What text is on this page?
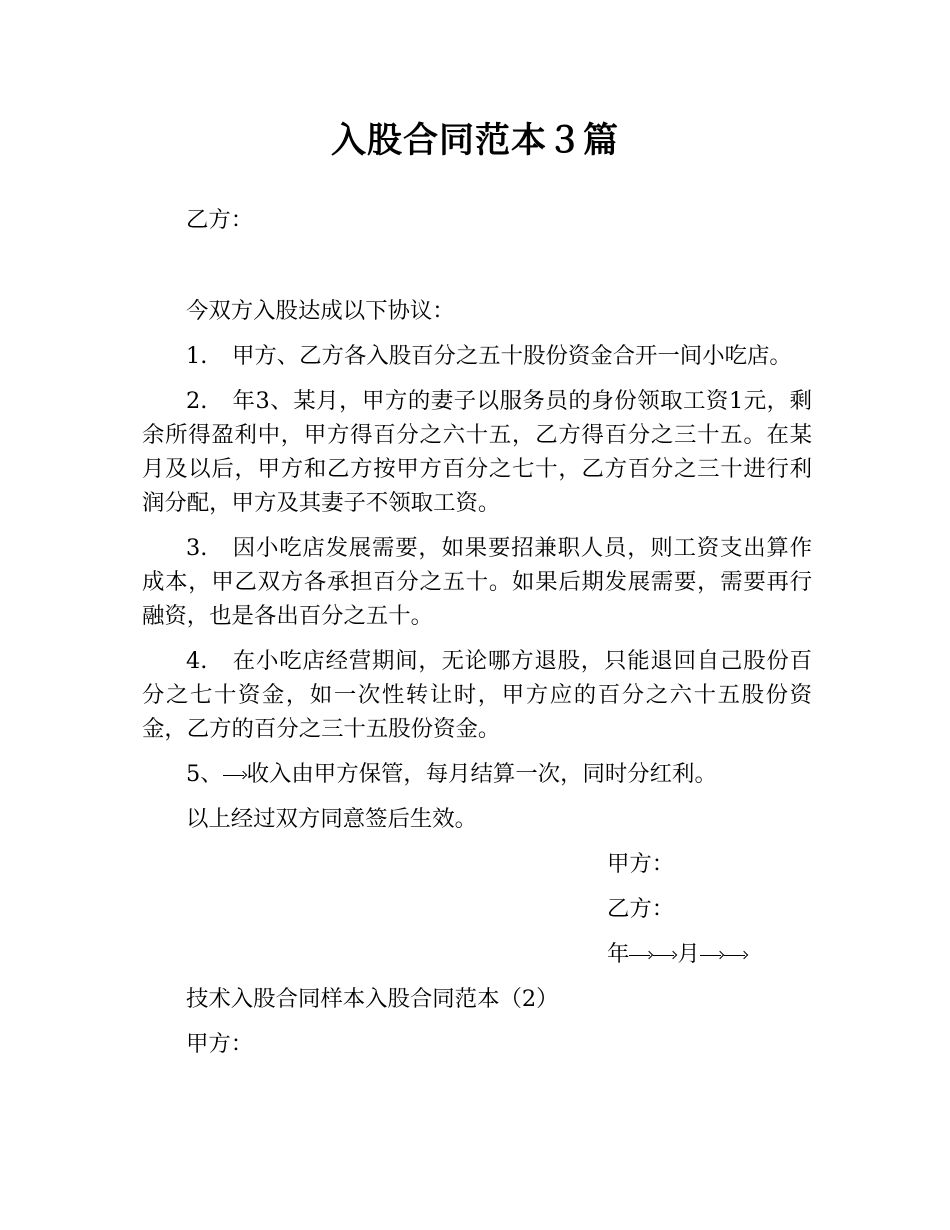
入股合同范本３篇

乙方：

今双方入股达成以下协议：

1. 甲方、乙方各入股百分之五十股份资金合开一间小吃店。

2. 年3、某月，甲方的妻子以服务员的身份领取工资1元，剩余所得盈利中，甲方得百分之六十五，乙方得百分之三十五。在某月及以后，甲方和乙方按甲方百分之七十，乙方百分之三十进行利润分配，甲方及其妻子不领取工资。

3. 因小吃店发展需要，如果要招兼职人员，则工资支出算作成本，甲乙双方各承担百分之五十。如果后期发展需要，需要再行融资，也是各出百分之五十。

4. 在小吃店经营期间，无论哪方退股，只能退回自己股份百分之七十资金，如一次性转让时，甲方应的百分之六十五股份资金，乙方的百分之三十五股份资金。

5、 收入由甲方保管，每月结算一次，同时分红利。

以上经过双方同意签后生效。

甲方：
乙方：
年 月

技术入股合同样本入股合同范本（2）

甲方：
